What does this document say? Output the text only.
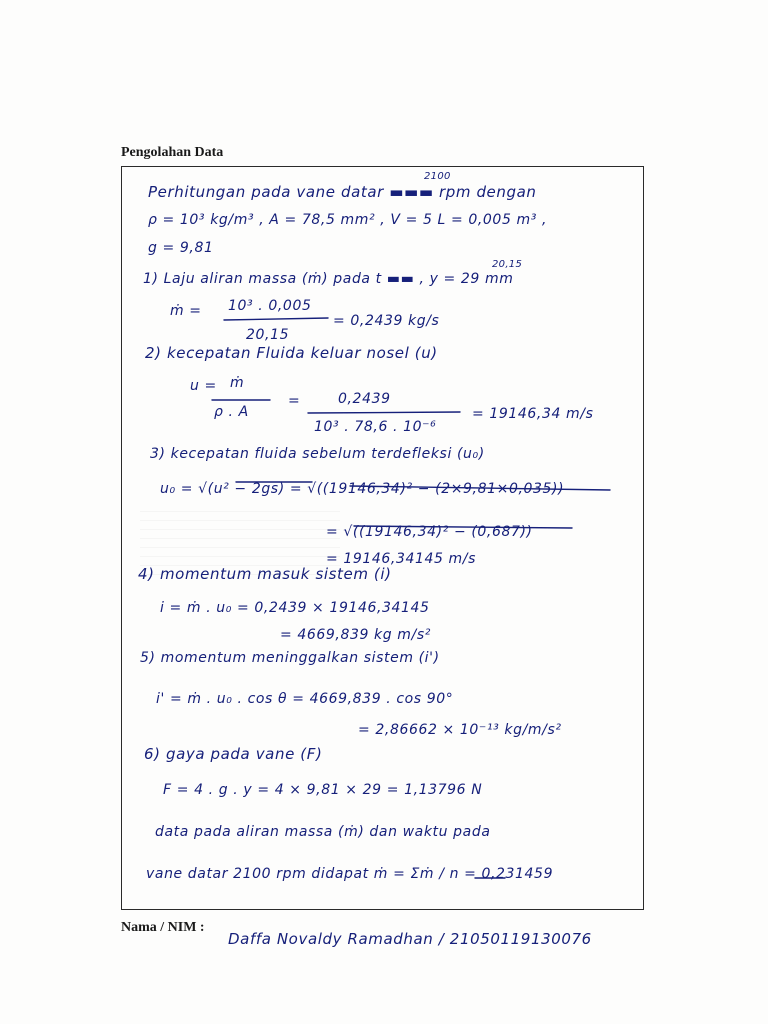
Pengolahan Data
2100
Perhitungan pada vane datar ▬▬▬ rpm dengan
ρ = 10³ kg/m³ , A = 78,5 mm² , V = 5 L = 0,005 m³ ,
g = 9,81
20,15
1) Laju aliran massa (ṁ) pada t ▬▬ , y = 29 mm
ṁ = 10³ . 0,005
20,15
= 0,2439 kg/s
2) kecepatan Fluida keluar nosel (u)
u = ṁ
ρ . A
=	0,2439
10³ . 78,6 . 10⁻⁶
= 19146,34 m/s
3) kecepatan fluida sebelum terdefleksi (u₀)
u₀ = √(u² − 2gs) = √((19146,34)² − (2×9,81×0,035))
= √((19146,34)² − (0,687))
= 19146,34145 m/s
4) momentum masuk sistem (i)
i = ṁ . u₀ = 0,2439 × 19146,34145
= 4669,839 kg m/s²
5) momentum meninggalkan sistem (i')
i' = ṁ . u₀ . cos θ = 4669,839 . cos 90°
= 2,86662 × 10⁻¹³ kg/m/s²
6) gaya pada vane (F)
F = 4 . g . y = 4 × 9,81 × 29 = 1,13796 N
data pada aliran massa (ṁ) dan waktu pada
vane datar 2100 rpm didapat ṁ = Σṁ / n = 0,231459
Nama / NIM :
Daffa Novaldy Ramadhan / 21050119130076
